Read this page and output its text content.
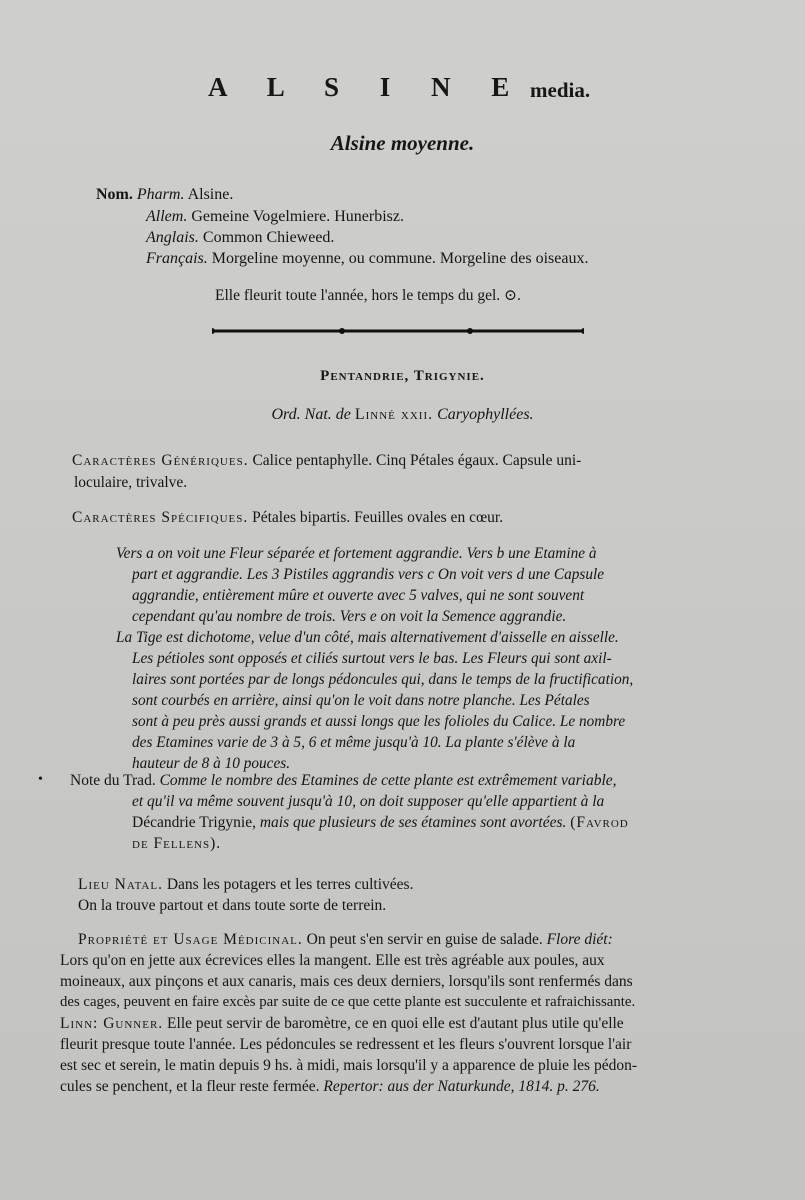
A L S I N E media.
Alsine moyenne.
Nom. Pharm. Alsine.
Allem. Gemeine Vogelmiere. Hunerbisz.
Anglais. Common Chieweed.
Français. Morgeline moyenne, ou commune. Morgeline des oiseaux.
Elle fleurit toute l'année, hors le temps du gel. ⊙.
Pentandrie, Trigynie.
Ord. Nat. de Linné xxii. Caryophyllées.
Caractères Génériques. Calice pentaphylle. Cinq Pétales égaux. Capsule uni-
loculaire, trivalve.
Caractères Spécifiques. Pétales bipartis. Feuilles ovales en cœur.
Vers a on voit une Fleur séparée et fortement aggrandie. Vers b une Etamine à
part et aggrandie. Les 3 Pistiles aggrandis vers c On voit vers d une Capsule
aggrandie, entièrement mûre et ouverte avec 5 valves, qui ne sont souvent
cependant qu'au nombre de trois. Vers e on voit la Semence aggrandie.
La Tige est dichotome, velue d'un côté, mais alternativement d'aisselle en aisselle.
Les pétioles sont opposés et ciliés surtout vers le bas. Les Fleurs qui sont axil-
laires sont portées par de longs pédoncules qui, dans le temps de la fructification,
sont courbés en arrière, ainsi qu'on le voit dans notre planche. Les Pétales
sont à peu près aussi grands et aussi longs que les folioles du Calice. Le nombre
des Etamines varie de 3 à 5, 6 et même jusqu'à 10. La plante s'élève à la
hauteur de 8 à 10 pouces.
• Note du Trad. Comme le nombre des Etamines de cette plante est extrêmement variable,
et qu'il va même souvent jusqu'à 10, on doit supposer qu'elle appartient à la
Décandrie Trigynie, mais que plusieurs de ses étamines sont avortées. (Favrod
de Fellens).
Lieu Natal. Dans les potagers et les terres cultivées.
On la trouve partout et dans toute sorte de terrein.
Propriété et Usage Médicinal. On peut s'en servir en guise de salade. Flore diét:
Lors qu'on en jette aux écrevices elles la mangent. Elle est très agréable aux poules, aux
moineaux, aux pinçons et aux canaris, mais ces deux derniers, lorsqu'ils sont renfermés dans
des cages, peuvent en faire excès par suite de ce que cette plante est succulente et rafraichissante.
Linn: Gunner. Elle peut servir de baromètre, ce en quoi elle est d'autant plus utile qu'elle
fleurit presque toute l'année. Les pédoncules se redressent et les fleurs s'ouvrent lorsque l'air
est sec et serein, le matin depuis 9 hs. à midi, mais lorsqu'il y a apparence de pluie les pédon-
cules se penchent, et la fleur reste fermée. Repertor: aus der Naturkunde, 1814. p. 276.
